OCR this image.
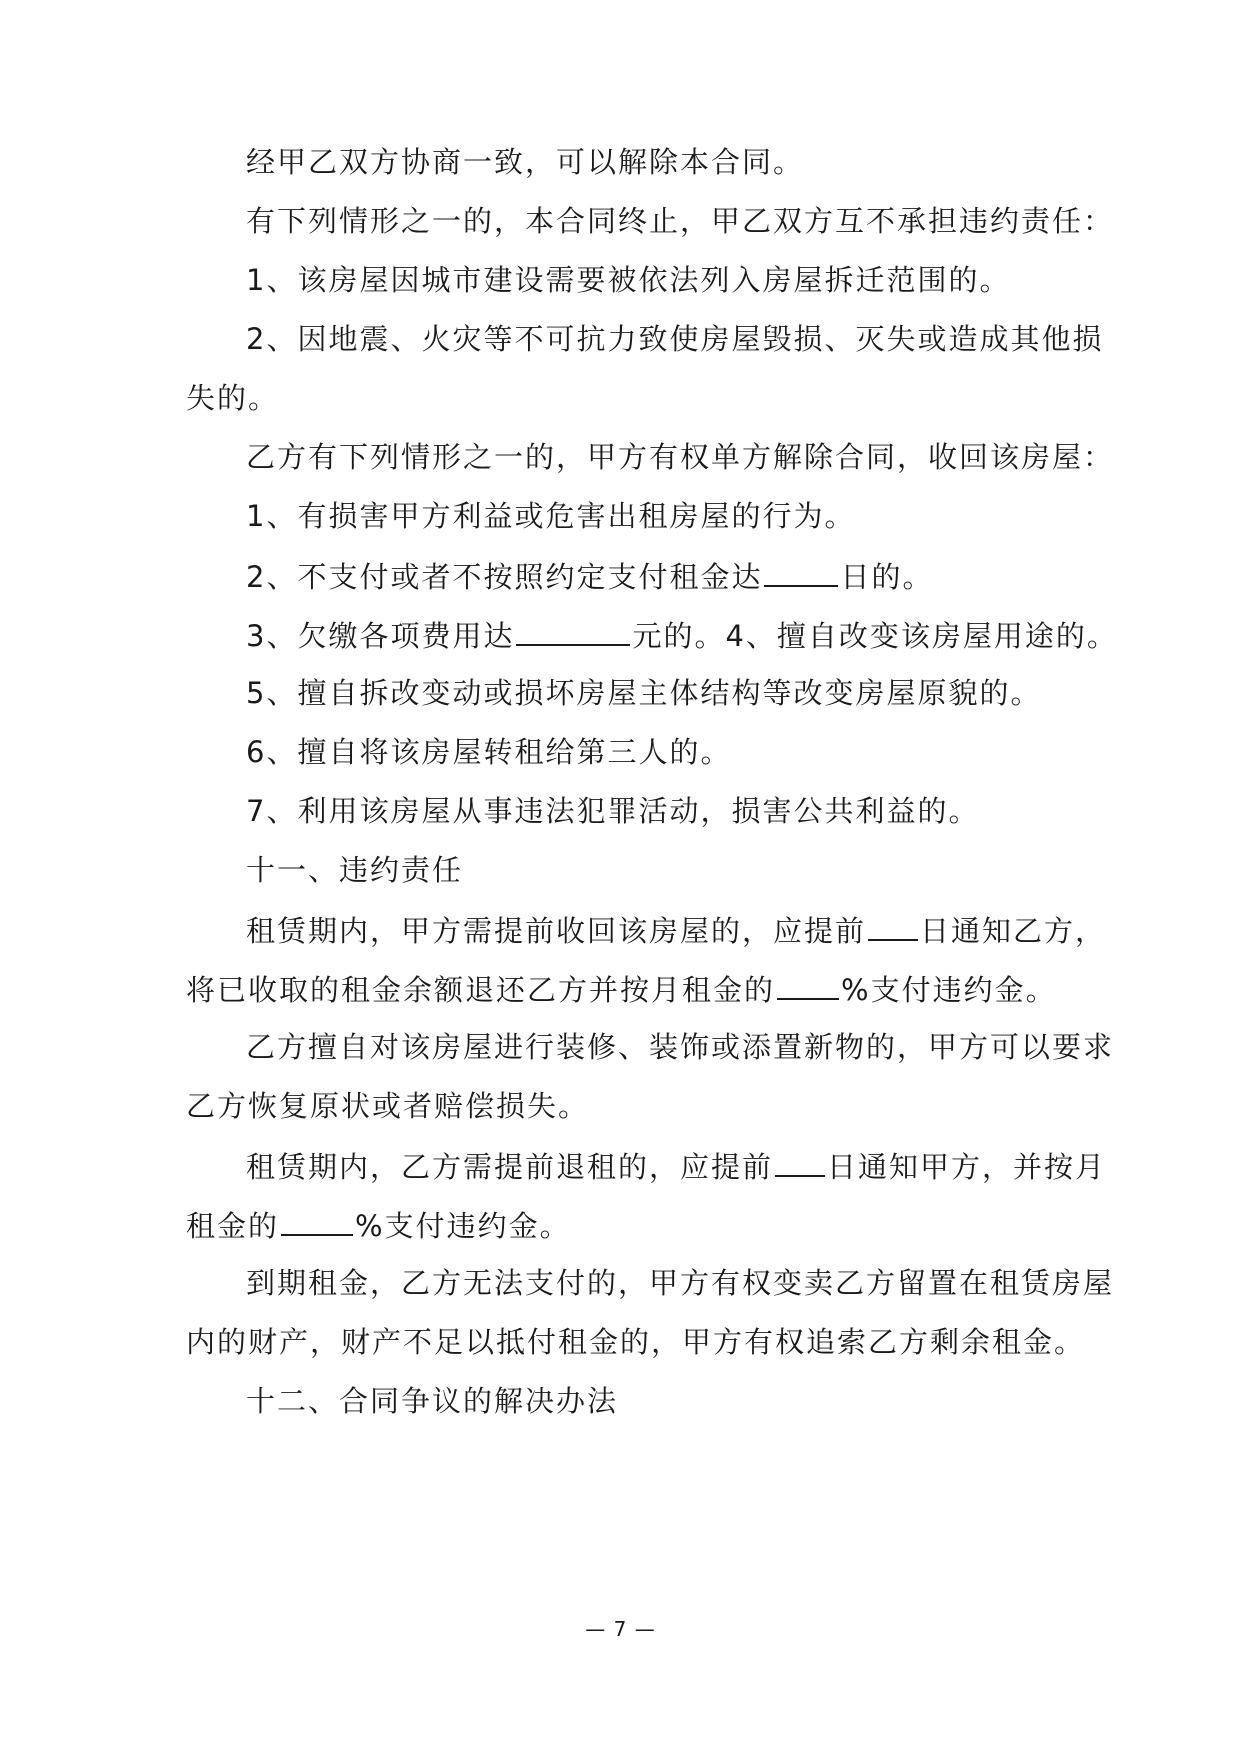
经甲乙双方协商一致，可以解除本合同。

有下列情形之一的，本合同终止，甲乙双方互不承担违约责任：

1、该房屋因城市建设需要被依法列入房屋拆迁范围的。

2、因地震、火灾等不可抗力致使房屋毁损、灭失或造成其他损

失的。

乙方有下列情形之一的，甲方有权单方解除合同，收回该房屋：

1、有损害甲方利益或危害出租房屋的行为。

2、不支付或者不按照约定支付租金达	日的。

3、欠缴各项费用达	元的。4、擅自改变该房屋用途的。

5、擅自拆改变动或损坏房屋主体结构等改变房屋原貌的。

6、擅自将该房屋转租给第三人的。

7、利用该房屋从事违法犯罪活动，损害公共利益的。

十一、违约责任

租赁期内，甲方需提前收回该房屋的，应提前 日通知乙方，

将已收取的租金余额退还乙方并按月租金的 %支付违约金。

乙方擅自对该房屋进行装修、装饰或添置新物的，甲方可以要求

乙方恢复原状或者赔偿损失。

租赁期内，乙方需提前退租的，应提前 日通知甲方，并按月

租金的	%支付违约金。

到期租金，乙方无法支付的，甲方有权变卖乙方留置在租赁房屋

内的财产，财产不足以抵付租金的，甲方有权追索乙方剩余租金。

十二、合同争议的解决办法
— 7 —
